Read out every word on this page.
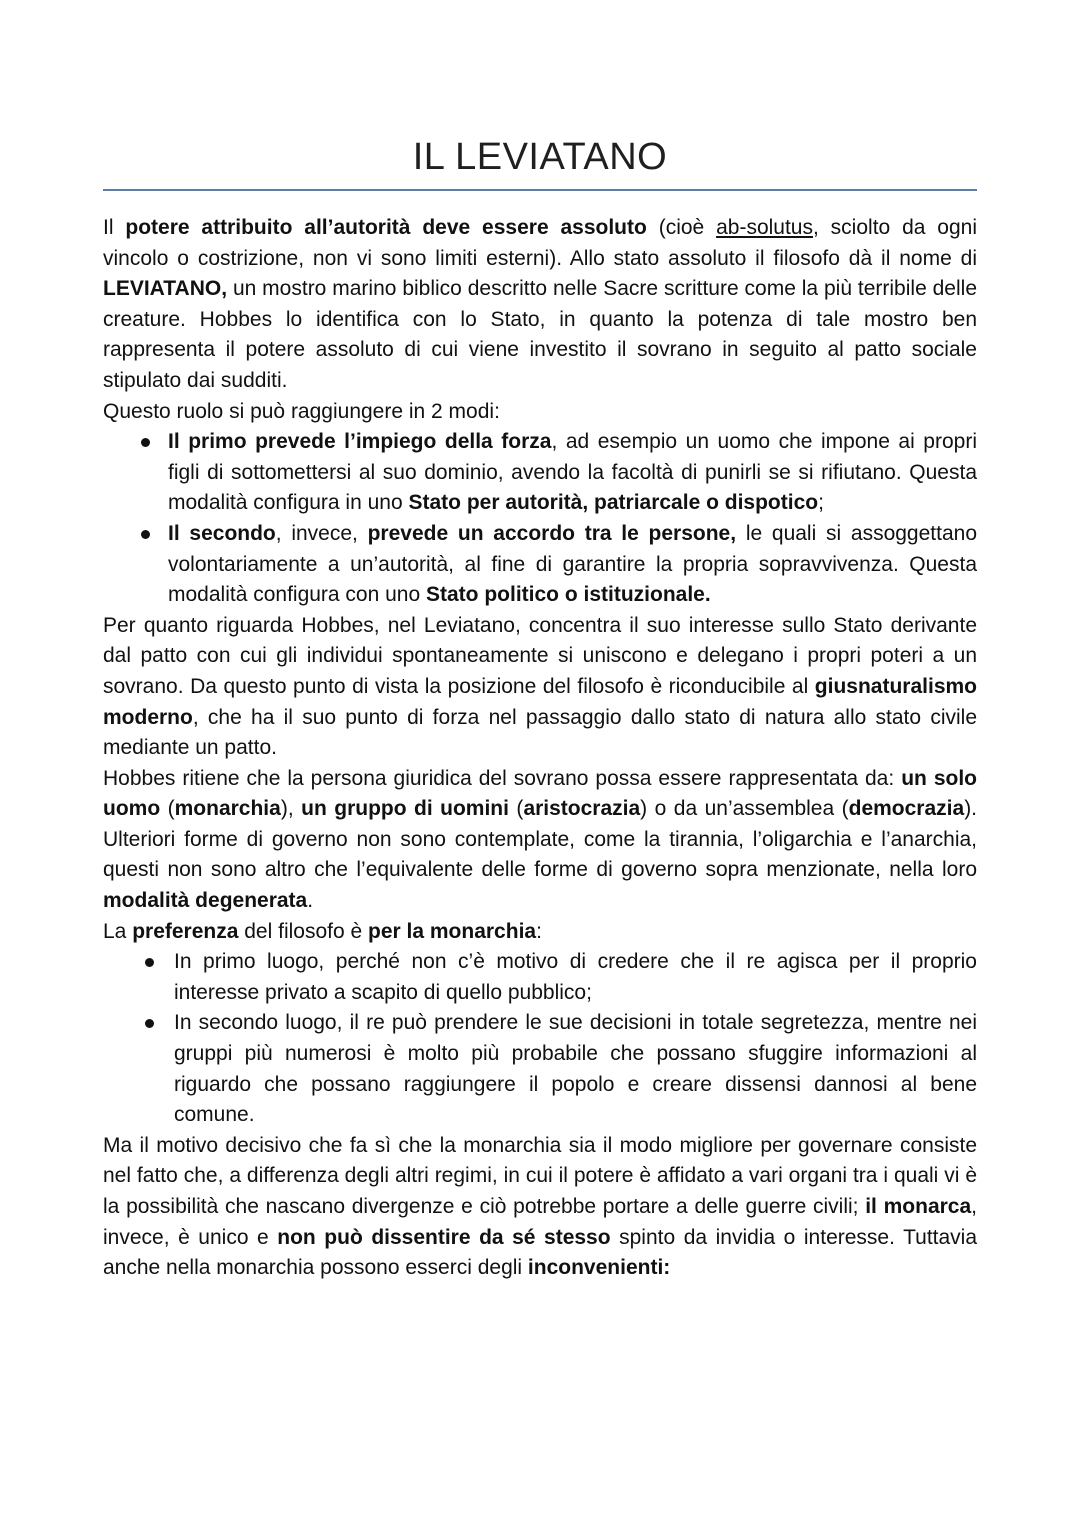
IL LEVIATANO

Il potere attribuito all’autorità deve essere assoluto (cioè ab-solutus, sciolto da ogni vincolo o costrizione, non vi sono limiti esterni). Allo stato assoluto il filosofo dà il nome di LEVIATANO, un mostro marino biblico descritto nelle Sacre scritture come la più terribile delle creature. Hobbes lo identifica con lo Stato, in quanto la potenza di tale mostro ben rappresenta il potere assoluto di cui viene investito il sovrano in seguito al patto sociale stipulato dai sudditi.

Questo ruolo si può raggiungere in 2 modi:

Il primo prevede l’impiego della forza, ad esempio un uomo che impone ai propri figli di sottomettersi al suo dominio, avendo la facoltà di punirli se si rifiutano. Questa modalità configura in uno Stato per autorità, patriarcale o dispotico;
Il secondo, invece, prevede un accordo tra le persone, le quali si assoggettano volontariamente a un’autorità, al fine di garantire la propria sopravvivenza. Questa modalità configura con uno Stato politico o istituzionale.

Per quanto riguarda Hobbes, nel Leviatano, concentra il suo interesse sullo Stato derivante dal patto con cui gli individui spontaneamente si uniscono e delegano i propri poteri a un sovrano. Da questo punto di vista la posizione del filosofo è riconducibile al giusnaturalismo moderno, che ha il suo punto di forza nel passaggio dallo stato di natura allo stato civile mediante un patto.

Hobbes ritiene che la persona giuridica del sovrano possa essere rappresentata da: un solo uomo (monarchia), un gruppo di uomini (aristocrazia) o da un’assemblea (democrazia). Ulteriori forme di governo non sono contemplate, come la tirannia, l’oligarchia e l’anarchia, questi non sono altro che l’equivalente delle forme di governo sopra menzionate, nella loro modalità degenerata.

La preferenza del filosofo è per la monarchia:

In primo luogo, perché non c’è motivo di credere che il re agisca per il proprio interesse privato a scapito di quello pubblico;
In secondo luogo, il re può prendere le sue decisioni in totale segretezza, mentre nei gruppi più numerosi è molto più probabile che possano sfuggire informazioni al riguardo che possano raggiungere il popolo e creare dissensi dannosi al bene comune.

Ma il motivo decisivo che fa sì che la monarchia sia il modo migliore per governare consiste nel fatto che, a differenza degli altri regimi, in cui il potere è affidato a vari organi tra i quali vi è la possibilità che nascano divergenze e ciò potrebbe portare a delle guerre civili; il monarca, invece, è unico e non può dissentire da sé stesso spinto da invidia o interesse. Tuttavia anche nella monarchia possono esserci degli inconvenienti:
